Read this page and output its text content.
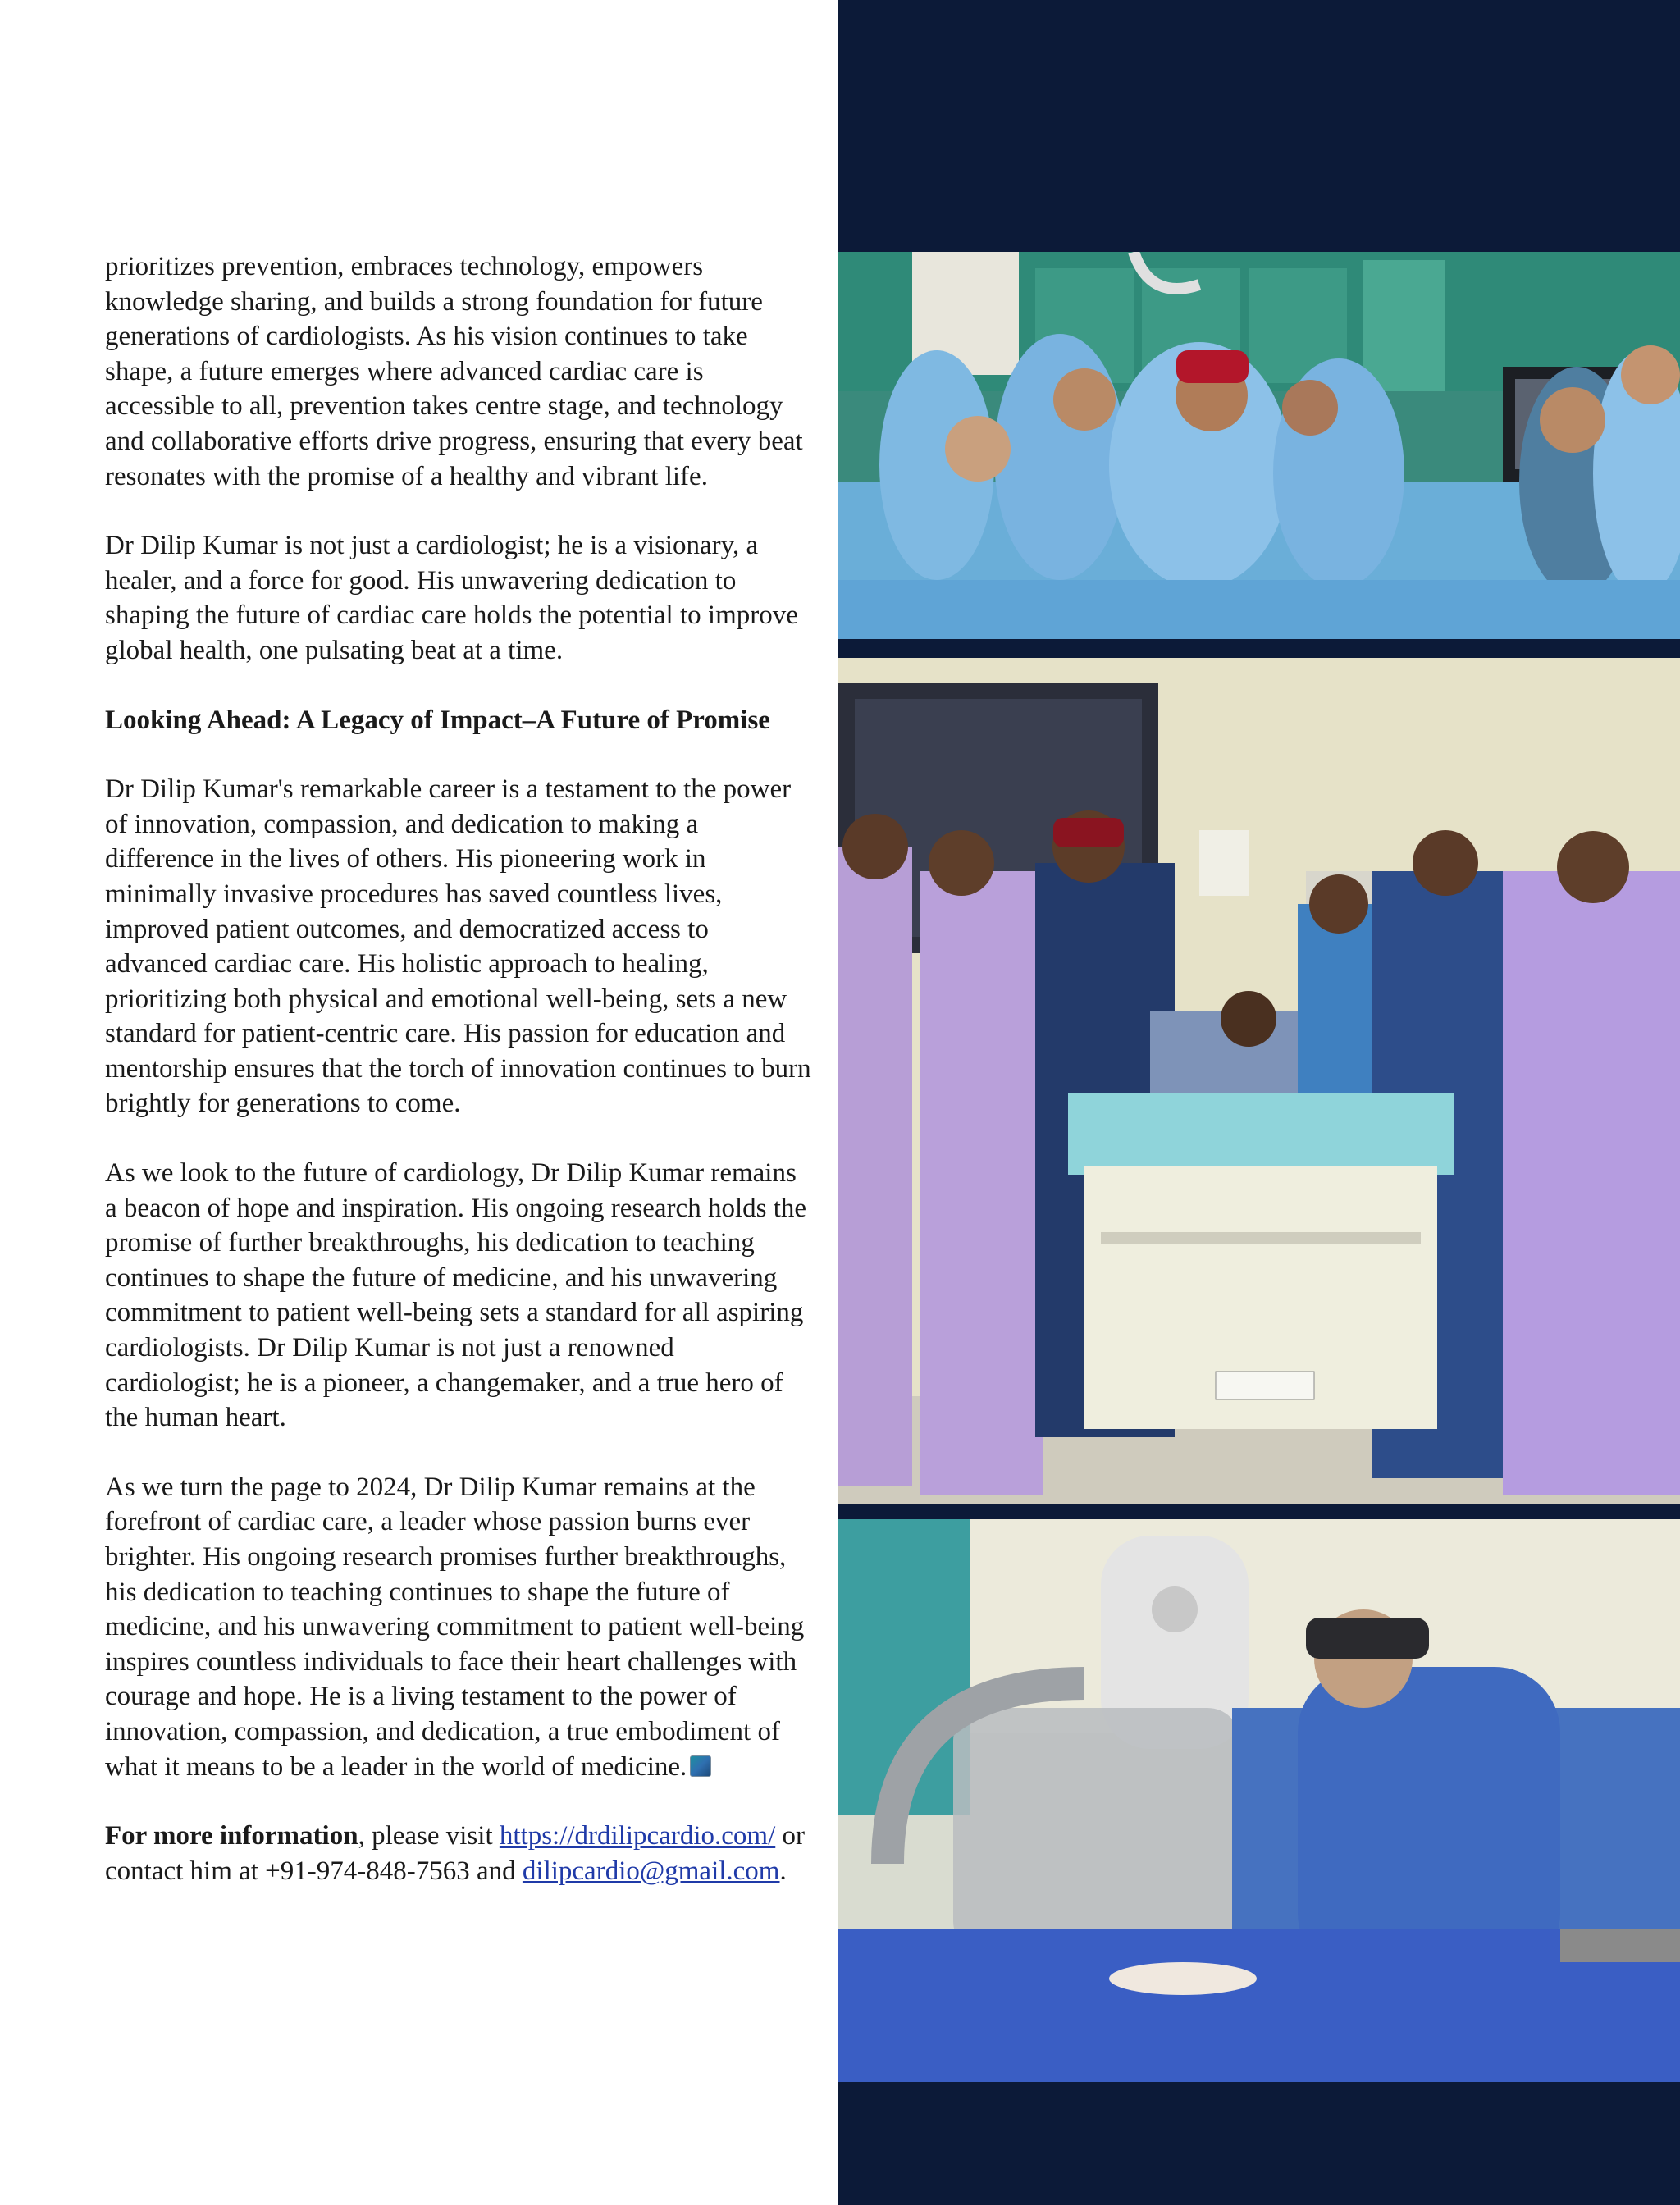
prioritizes prevention, embraces technology, empowers knowledge sharing, and builds a strong foundation for future generations of cardiologists. As his vision continues to take shape, a future emerges where advanced cardiac care is accessible to all, prevention takes centre stage, and technology and collaborative efforts drive progress, ensuring that every beat resonates with the promise of a healthy and vibrant life.

Dr Dilip Kumar is not just a cardiologist; he is a visionary, a healer, and a force for good. His unwavering dedication to shaping the future of cardiac care holds the potential to improve global health, one pulsating beat at a time.

Looking Ahead: A Legacy of Impact–A Future of Promise

Dr Dilip Kumar's remarkable career is a testament to the power of innovation, compassion, and dedication to making a difference in the lives of others. His pioneering work in minimally invasive procedures has saved countless lives, improved patient outcomes, and democratized access to advanced cardiac care. His holistic approach to healing, prioritizing both physical and emotional well-being, sets a new standard for patient-centric care. His passion for education and mentorship ensures that the torch of innovation continues to burn brightly for generations to come.

As we look to the future of cardiology, Dr Dilip Kumar remains a beacon of hope and inspiration. His ongoing research holds the promise of further breakthroughs, his dedication to teaching continues to shape the future of medicine, and his unwavering commitment to patient well-being sets a standard for all aspiring cardiologists. Dr Dilip Kumar is not just a renowned cardiologist; he is a pioneer, a changemaker, and a true hero of the human heart.

As we turn the page to 2024, Dr Dilip Kumar remains at the forefront of cardiac care, a leader whose passion burns ever brighter. His ongoing research promises further breakthroughs, his dedication to teaching continues to shape the future of medicine, and his unwavering commitment to patient well-being inspires countless individuals to face their heart challenges with courage and hope. He is a living testament to the power of innovation, compassion, and dedication, a true embodiment of what it means to be a leader in the world of medicine.

For more information, please visit https://drdilipcardio.com/ or contact him at +91-974-848-7563 and dilipcardio@gmail.com.
